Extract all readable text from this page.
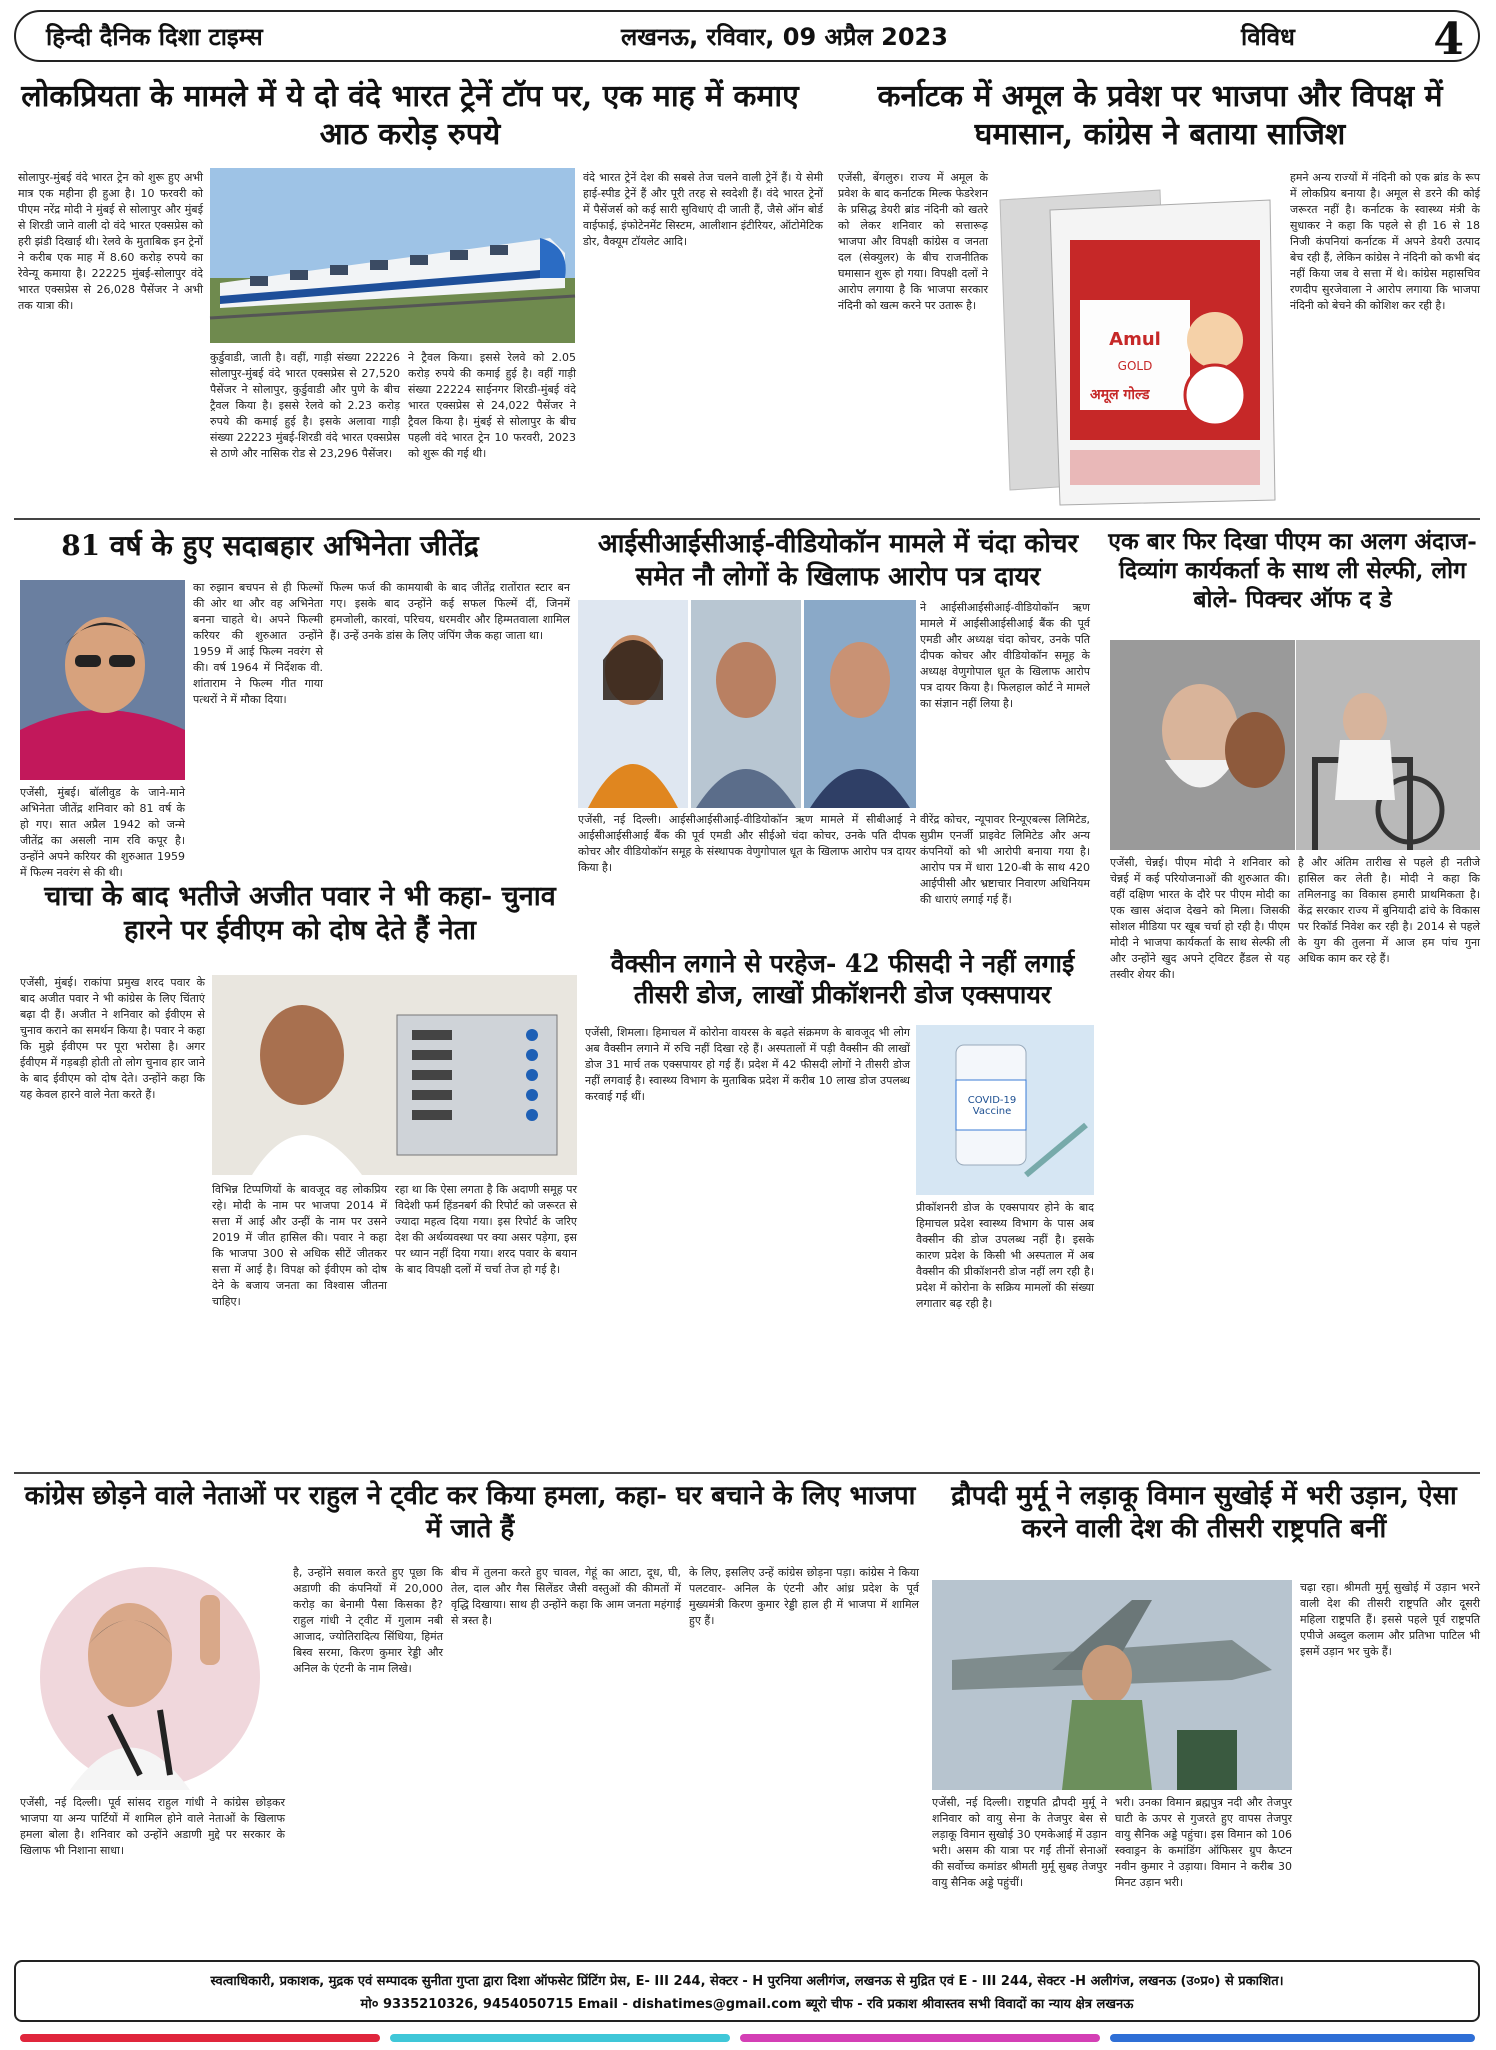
हिन्दी दैनिक दिशा टाइम्स	लखनऊ, रविवार, 09 अप्रैल 2023	विविध	4
लोकप्रियता के मामले में ये दो वंदे भारत ट्रेनें टॉप पर, एक माह में कमाए आठ करोड़ रुपये
सोलापुर-मुंबई वंदे भारत ट्रेन को शुरू हुए अभी मात्र एक महीना ही हुआ है। 10 फरवरी को पीएम नरेंद्र मोदी ने मुंबई से सोलापुर और मुंबई से शिरडी जाने वाली दो वंदे भारत एक्सप्रेस को हरी झंडी दिखाई थी। रेलवे के मुताबिक इन ट्रेनों ने करीब एक माह में 8.60 करोड़ रुपये का रेवेन्यू कमाया है। 22225 मुंबई-सोलापुर वंदे भारत एक्सप्रेस से 26,028 पैसेंजर ने अभी तक यात्रा की।
कुर्डुवाडी, जाती है। वहीं, गाड़ी संख्या 22226 सोलापुर-मुंबई वंदे भारत एक्सप्रेस से 27,520 पैसेंजर ने सोलापुर, कुर्डुवाडी और पुणे के बीच ट्रैवल किया है। इससे रेलवे को 2.23 करोड़ रुपये की कमाई हुई है। इसके अलावा गाड़ी संख्या 22223 मुंबई-शिरडी वंदे भारत एक्सप्रेस से ठाणे और नासिक रोड से 23,296 पैसेंजर।
ने ट्रैवल किया। इससे रेलवे को 2.05 करोड़ रुपये की कमाई हुई है। वहीं गाड़ी संख्या 22224 साईनगर शिरडी-मुंबई वंदे भारत एक्सप्रेस से 24,022 पैसेंजर ने ट्रैवल किया है। मुंबई से सोलापुर के बीच पहली वंदे भारत ट्रेन 10 फरवरी, 2023 को शुरू की गई थी।
वंदे भारत ट्रेनें देश की सबसे तेज चलने वाली ट्रेनें हैं। ये सेमी हाई-स्पीड ट्रेनें हैं और पूरी तरह से स्वदेशी हैं। वंदे भारत ट्रेनों में पैसेंजर्स को कई सारी सुविधाएं दी जाती हैं, जैसे ऑन बोर्ड वाईफाई, इंफोटेनमेंट सिस्टम, आलीशान इंटीरियर, ऑटोमेटिक डोर, वैक्यूम टॉयलेट आदि।
कर्नाटक में अमूल के प्रवेश पर भाजपा और विपक्ष में घमासान, कांग्रेस ने बताया साजिश
एजेंसी, बेंगलुरु। राज्य में अमूल के प्रवेश के बाद कर्नाटक मिल्क फेडरेशन के प्रसिद्ध डेयरी ब्रांड नंदिनी को खतरे को लेकर शनिवार को सत्तारूढ़ भाजपा और विपक्षी कांग्रेस व जनता दल (सेक्युलर) के बीच राजनीतिक घमासान शुरू हो गया। विपक्षी दलों ने आरोप लगाया है कि भाजपा सरकार नंदिनी को खत्म करने पर उतारू है।
Amul
GOLD
अमूल गोल्ड
हमने अन्य राज्यों में नंदिनी को एक ब्रांड के रूप में लोकप्रिय बनाया है। अमूल से डरने की कोई जरूरत नहीं है। कर्नाटक के स्वास्थ्य मंत्री के सुधाकर ने कहा कि पहले से ही 16 से 18 निजी कंपनियां कर्नाटक में अपने डेयरी उत्पाद बेच रही हैं, लेकिन कांग्रेस ने नंदिनी को कभी बंद नहीं किया जब वे सत्ता में थे। कांग्रेस महासचिव रणदीप सुरजेवाला ने आरोप लगाया कि भाजपा नंदिनी को बेचने की कोशिश कर रही है।
81 वर्ष के हुए सदाबहार अभिनेता जीतेंद्र
एजेंसी, मुंबई। बॉलीवुड के जाने-माने अभिनेता जीतेंद्र शनिवार को 81 वर्ष के हो गए। सात अप्रैल 1942 को जन्मे जीतेंद्र का असली नाम रवि कपूर है। उन्होंने अपने करियर की शुरुआत 1959 में फिल्म नवरंग से की थी।
का रुझान बचपन से ही फिल्मों की ओर था और वह अभिनेता बनना चाहते थे। अपने फिल्मी करियर की शुरुआत उन्होंने 1959 में आई फिल्म नवरंग से की। वर्ष 1964 में निर्देशक वी. शांताराम ने फिल्म गीत गाया पत्थरों ने में मौका दिया।
फिल्म फर्ज की कामयाबी के बाद जीतेंद्र रातोंरात स्टार बन गए। इसके बाद उन्होंने कई सफल फिल्में दीं, जिनमें हमजोली, कारवां, परिचय, धरमवीर और हिम्मतवाला शामिल हैं। उन्हें उनके डांस के लिए जंपिंग जैक कहा जाता था।
आईसीआईसीआई-वीडियोकॉन मामले में चंदा कोचर समेत नौ लोगों के खिलाफ आरोप पत्र दायर
एजेंसी, नई दिल्ली। आईसीआईसीआई-वीडियोकॉन ऋण मामले में सीबीआई ने आईसीआईसीआई बैंक की पूर्व एमडी और सीईओ चंदा कोचर, उनके पति दीपक कोचर और वीडियोकॉन समूह के संस्थापक वेणुगोपाल धूत के खिलाफ आरोप पत्र दायर किया है।
वीरेंद्र कोचर, न्यूपावर रिन्यूएबल्स लिमिटेड, सुप्रीम एनर्जी प्राइवेट लिमिटेड और अन्य कंपनियों को भी आरोपी बनाया गया है। आरोप पत्र में धारा 120-बी के साथ 420 आईपीसी और भ्रष्टाचार निवारण अधिनियम की धाराएं लगाई गई हैं।
ने आईसीआईसीआई-वीडियोकॉन ऋण मामले में आईसीआईसीआई बैंक की पूर्व एमडी और अध्यक्ष चंदा कोचर, उनके पति दीपक कोचर और वीडियोकॉन समूह के अध्यक्ष वेणुगोपाल धूत के खिलाफ आरोप पत्र दायर किया है। फिलहाल कोर्ट ने मामले का संज्ञान नहीं लिया है।
एक बार फिर दिखा पीएम का अलग अंदाज- दिव्यांग कार्यकर्ता के साथ ली सेल्फी, लोग बोले- पिक्चर ऑफ द डे
एजेंसी, चेन्नई। पीएम मोदी ने शनिवार को चेन्नई में कई परियोजनाओं की शुरुआत की। वहीं दक्षिण भारत के दौरे पर पीएम मोदी का एक खास अंदाज देखने को मिला। जिसकी सोशल मीडिया पर खूब चर्चा हो रही है। पीएम मोदी ने भाजपा कार्यकर्ता के साथ सेल्फी ली और उन्होंने खुद अपने ट्विटर हैंडल से यह तस्वीर शेयर की।
है और अंतिम तारीख से पहले ही नतीजे हासिल कर लेती है। मोदी ने कहा कि तमिलनाडु का विकास हमारी प्राथमिकता है। केंद्र सरकार राज्य में बुनियादी ढांचे के विकास पर रिकॉर्ड निवेश कर रही है। 2014 से पहले के युग की तुलना में आज हम पांच गुना अधिक काम कर रहे हैं।
चाचा के बाद भतीजे अजीत पवार ने भी कहा- चुनाव हारने पर ईवीएम को दोष देते हैं नेता
एजेंसी, मुंबई। राकांपा प्रमुख शरद पवार के बाद अजीत पवार ने भी कांग्रेस के लिए चिंताएं बढ़ा दी हैं। अजीत ने शनिवार को ईवीएम से चुनाव कराने का समर्थन किया है। पवार ने कहा कि मुझे ईवीएम पर पूरा भरोसा है। अगर ईवीएम में गड़बड़ी होती तो लोग चुनाव हार जाने के बाद ईवीएम को दोष देते। उन्होंने कहा कि यह केवल हारने वाले नेता करते हैं।
विभिन्न टिप्पणियों के बावजूद वह लोकप्रिय रहे। मोदी के नाम पर भाजपा 2014 में सत्ता में आई और उन्हीं के नाम पर उसने 2019 में जीत हासिल की। पवार ने कहा कि भाजपा 300 से अधिक सीटें जीतकर सत्ता में आई है। विपक्ष को ईवीएम को दोष देने के बजाय जनता का विश्वास जीतना चाहिए।
रहा था कि ऐसा लगता है कि अदाणी समूह पर विदेशी फर्म हिंडनबर्ग की रिपोर्ट को जरूरत से ज्यादा महत्व दिया गया। इस रिपोर्ट के जरिए देश की अर्थव्यवस्था पर क्या असर पड़ेगा, इस पर ध्यान नहीं दिया गया। शरद पवार के बयान के बाद विपक्षी दलों में चर्चा तेज हो गई है।
वैक्सीन लगाने से परहेज- 42 फीसदी ने नहीं लगाई तीसरी डोज, लाखों प्रीकॉशनरी डोज एक्सपायर
एजेंसी, शिमला। हिमाचल में कोरोना वायरस के बढ़ते संक्रमण के बावजूद भी लोग अब वैक्सीन लगाने में रुचि नहीं दिखा रहे हैं। अस्पतालों में पड़ी वैक्सीन की लाखों डोज 31 मार्च तक एक्सपायर हो गई हैं। प्रदेश में 42 फीसदी लोगों ने तीसरी डोज नहीं लगवाई है। स्वास्थ्य विभाग के मुताबिक प्रदेश में करीब 10 लाख डोज उपलब्ध करवाई गई थीं।	COVID-19 Vaccine
प्रीकॉशनरी डोज के एक्सपायर होने के बाद हिमाचल प्रदेश स्वास्थ्य विभाग के पास अब वैक्सीन की डोज उपलब्ध नहीं है। इसके कारण प्रदेश के किसी भी अस्पताल में अब वैक्सीन की प्रीकॉशनरी डोज नहीं लग रही है। प्रदेश में कोरोना के सक्रिय मामलों की संख्या लगातार बढ़ रही है।
कांग्रेस छोड़ने वाले नेताओं पर राहुल ने ट्वीट कर किया हमला, कहा- घर बचाने के लिए भाजपा में जाते हैं
एजेंसी, नई दिल्ली। पूर्व सांसद राहुल गांधी ने कांग्रेस छोड़कर भाजपा या अन्य पार्टियों में शामिल होने वाले नेताओं के खिलाफ हमला बोला है। शनिवार को उन्होंने अडाणी मुद्दे पर सरकार के खिलाफ भी निशाना साधा।
है, उन्होंने सवाल करते हुए पूछा कि अडाणी की कंपनियों में 20,000 करोड़ का बेनामी पैसा किसका है? राहुल गांधी ने ट्वीट में गुलाम नबी आजाद, ज्योतिरादित्य सिंधिया, हिमंत बिस्व सरमा, किरण कुमार रेड्डी और अनिल के एंटनी के नाम लिखे।
बीच में तुलना करते हुए चावल, गेहूं का आटा, दूध, घी, तेल, दाल और गैस सिलेंडर जैसी वस्तुओं की कीमतों में वृद्धि दिखाया। साथ ही उन्होंने कहा कि आम जनता महंगाई से त्रस्त है।
के लिए, इसलिए उन्हें कांग्रेस छोड़ना पड़ा। कांग्रेस ने किया पलटवार- अनिल के एंटनी और आंध्र प्रदेश के पूर्व मुख्यमंत्री किरण कुमार रेड्डी हाल ही में भाजपा में शामिल हुए हैं।
द्रौपदी मुर्मू ने लड़ाकू विमान सुखोई में भरी उड़ान, ऐसा करने वाली देश की तीसरी राष्ट्रपति बनीं
एजेंसी, नई दिल्ली। राष्ट्रपति द्रौपदी मुर्मू ने शनिवार को वायु सेना के तेजपुर बेस से लड़ाकू विमान सुखोई 30 एमकेआई में उड़ान भरी। असम की यात्रा पर गईं तीनों सेनाओं की सर्वोच्च कमांडर श्रीमती मुर्मू सुबह तेजपुर वायु सैनिक अड्डे पहुंचीं।
भरी। उनका विमान ब्रह्मपुत्र नदी और तेजपुर घाटी के ऊपर से गुजरते हुए वापस तेजपुर वायु सैनिक अड्डे पहुंचा। इस विमान को 106 स्क्वाड्रन के कमांडिंग ऑफिसर ग्रुप कैप्टन नवीन कुमार ने उड़ाया। विमान ने करीब 30 मिनट उड़ान भरी।
चढ़ा रहा। श्रीमती मुर्मू सुखोई में उड़ान भरने वाली देश की तीसरी राष्ट्रपति और दूसरी महिला राष्ट्रपति हैं। इससे पहले पूर्व राष्ट्रपति एपीजे अब्दुल कलाम और प्रतिभा पाटिल भी इसमें उड़ान भर चुके हैं।
स्वत्वाधिकारी, प्रकाशक, मुद्रक एवं सम्पादक सुनीता गुप्ता द्वारा दिशा ऑफसेट प्रिंटिंग प्रेस, E- III 244, सेक्टर - H पुरनिया अलीगंज, लखनऊ से मुद्रित एवं E - III 244, सेक्टर -H अलीगंज, लखनऊ (उ०प्र०) से प्रकाशित।
मो० 9335210326, 9454050715 Email - dishatimes@gmail.com ब्यूरो चीफ - रवि प्रकाश श्रीवास्तव सभी विवादों का न्याय क्षेत्र लखनऊ
